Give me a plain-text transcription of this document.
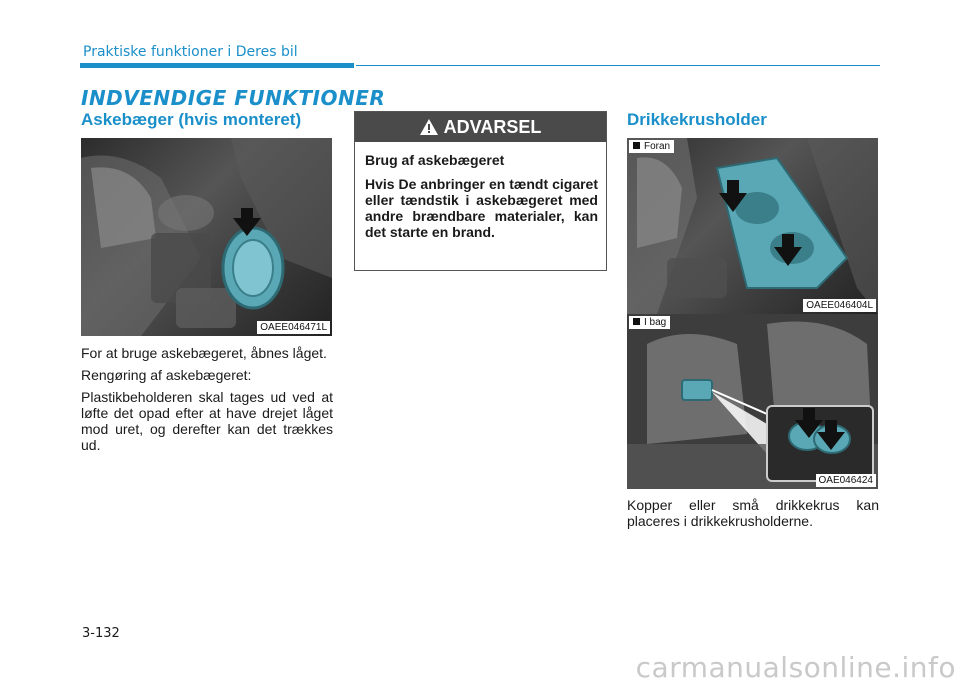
Praktiske funktioner i Deres bil
INDVENDIGE FUNKTIONER
Askebæger (hvis monteret)	Drikkekrusholder
OAEE046471L

For at bruge askebægeret, åbnes låget.

Rengøring af askebægeret:

Plastikbeholderen skal tages ud ved at løfte det opad efter at have drejet låget mod uret, og derefter kan det trækkes ud.

ADVARSEL
Brug af askebægeret
Hvis De anbringer en tændt cigaret eller tændstik i askebægeret med andre brændbare materialer, kan det starte en brand.
Foran
OAEE046404L
I bag
OAE046424
Kopper eller små drikkekrus kan placeres i drikkekrusholderne.
3-132
carmanualsonline.info
